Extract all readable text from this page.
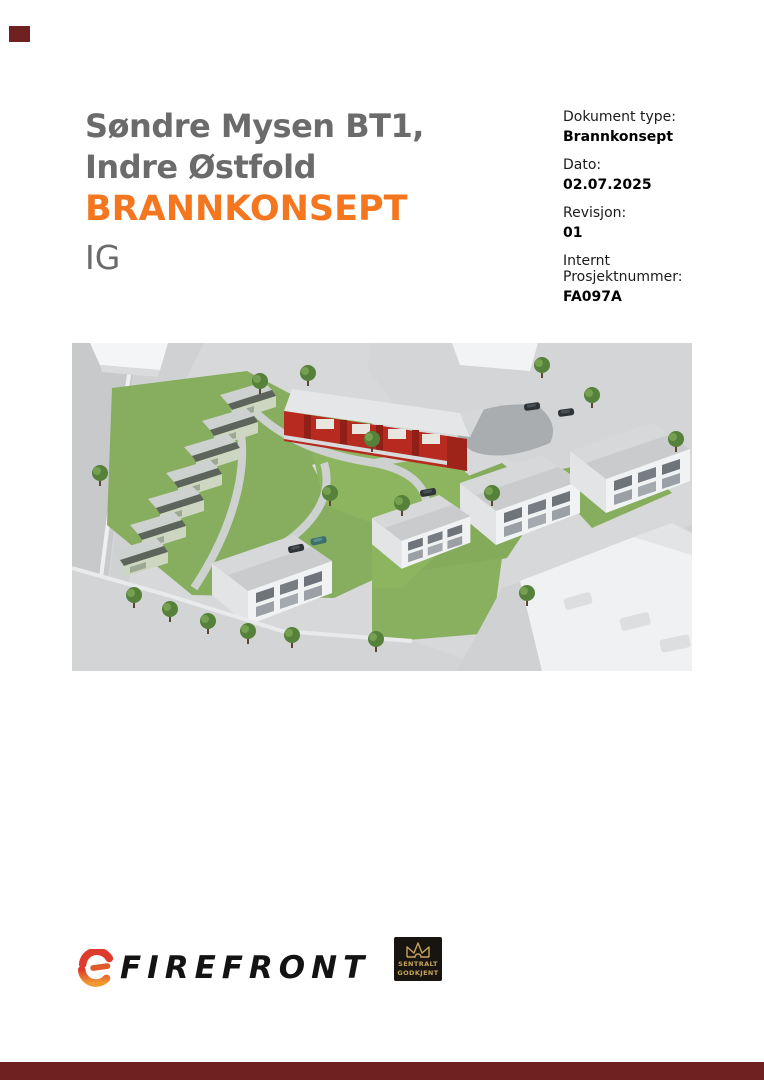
Søndre Mysen BT1,
Indre Østfold
BRANNKONSEPT
IG
Dokument type:
Brannkonsept
Dato:
02.07.2025
Revisjon:
01
Internt Prosjektnummer:
FA097A
FIREFRONT	SENTRALT
GODKJENT
